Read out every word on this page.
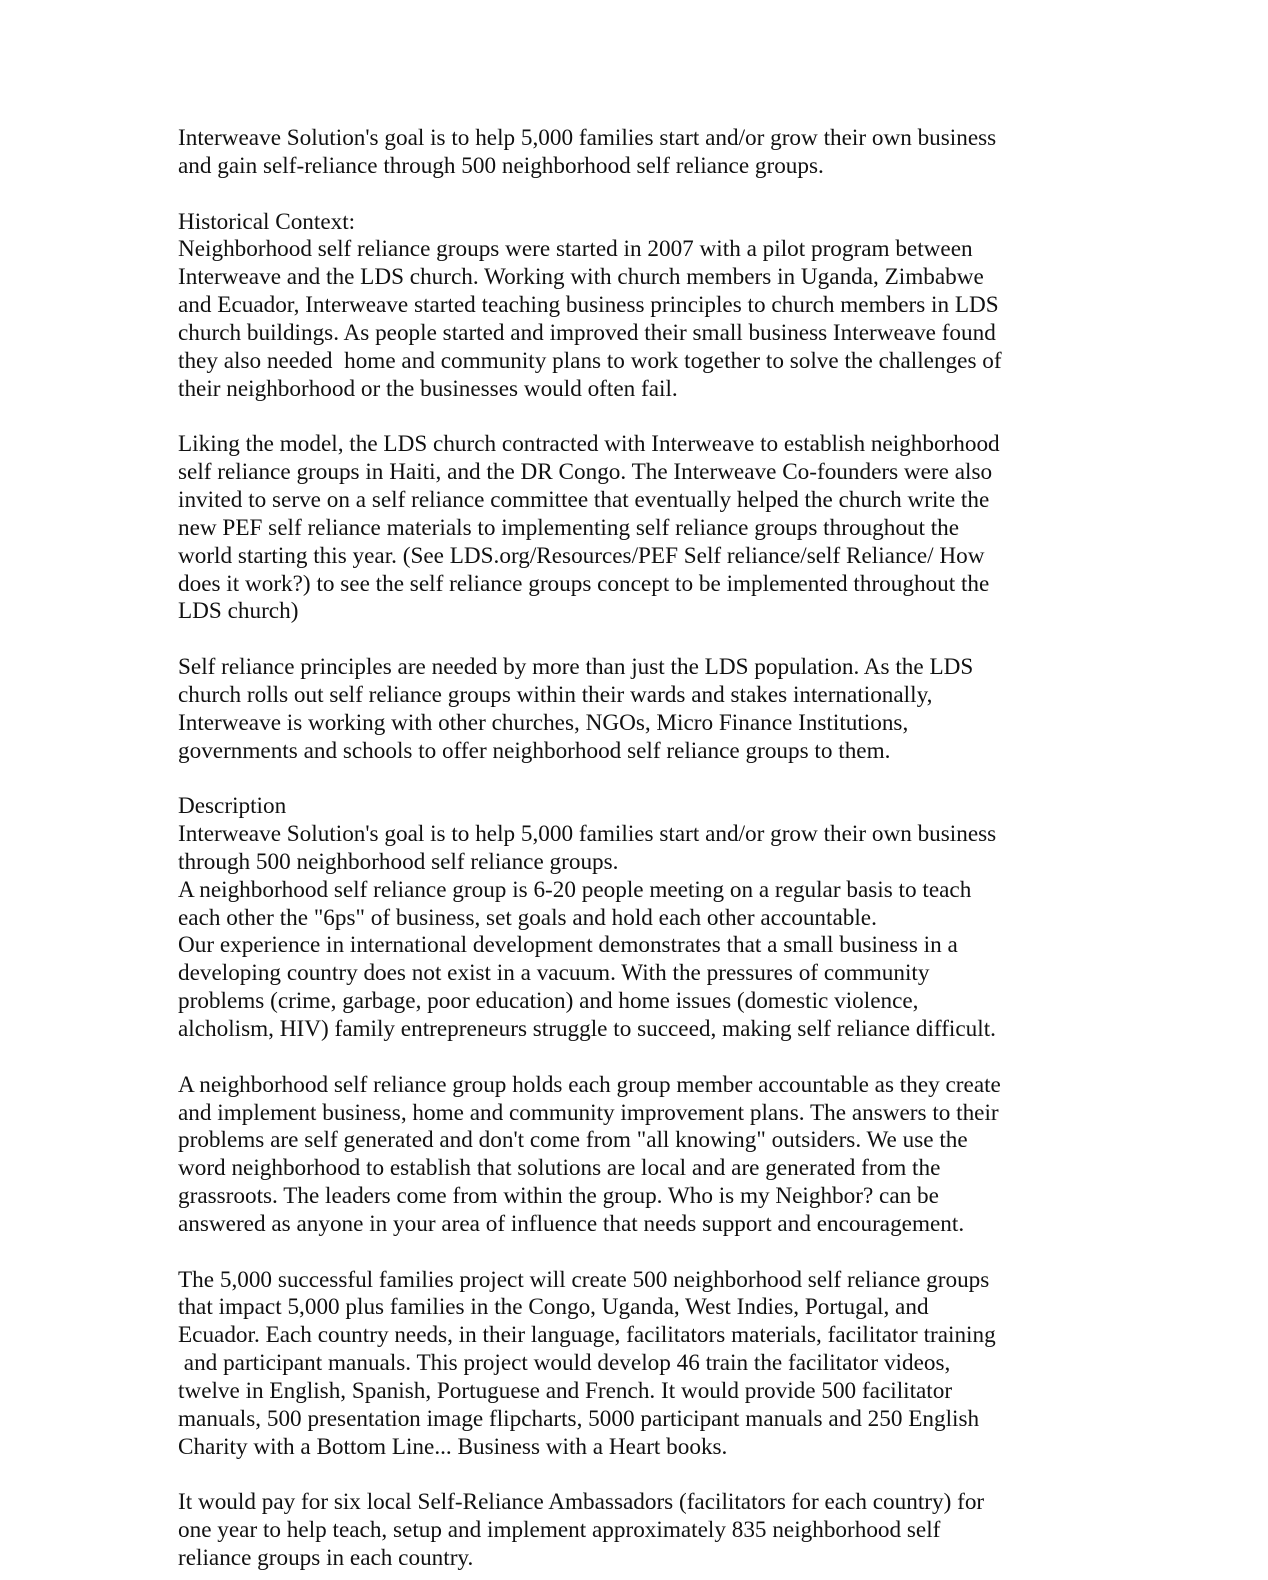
Interweave Solution's goal is to help 5,000 families start and/or grow their own business
and gain self-reliance through 500 neighborhood self reliance groups.
Historical Context:
Neighborhood self reliance groups were started in 2007 with a pilot program between
Interweave and the LDS church. Working with church members in Uganda, Zimbabwe
and Ecuador, Interweave started teaching business principles to church members in LDS
church buildings. As people started and improved their small business Interweave found
they also needed  home and community plans to work together to solve the challenges of
their neighborhood or the businesses would often fail.
Liking the model, the LDS church contracted with Interweave to establish neighborhood
self reliance groups in Haiti, and the DR Congo. The Interweave Co-founders were also
invited to serve on a self reliance committee that eventually helped the church write the
new PEF self reliance materials to implementing self reliance groups throughout the
world starting this year. (See LDS.org/Resources/PEF Self reliance/self Reliance/ How
does it work?) to see the self reliance groups concept to be implemented throughout the
LDS church)
Self reliance principles are needed by more than just the LDS population. As the LDS
church rolls out self reliance groups within their wards and stakes internationally,
Interweave is working with other churches, NGOs, Micro Finance Institutions,
governments and schools to offer neighborhood self reliance groups to them.
Description
Interweave Solution's goal is to help 5,000 families start and/or grow their own business
through 500 neighborhood self reliance groups.
A neighborhood self reliance group is 6-20 people meeting on a regular basis to teach
each other the "6ps" of business, set goals and hold each other accountable.
Our experience in international development demonstrates that a small business in a
developing country does not exist in a vacuum. With the pressures of community
problems (crime, garbage, poor education) and home issues (domestic violence,
alcholism, HIV) family entrepreneurs struggle to succeed, making self reliance difficult.
A neighborhood self reliance group holds each group member accountable as they create
and implement business, home and community improvement plans. The answers to their
problems are self generated and don't come from "all knowing" outsiders. We use the
word neighborhood to establish that solutions are local and are generated from the
grassroots. The leaders come from within the group. Who is my Neighbor? can be
answered as anyone in your area of influence that needs support and encouragement.
The 5,000 successful families project will create 500 neighborhood self reliance groups
that impact 5,000 plus families in the Congo, Uganda, West Indies, Portugal, and
Ecuador. Each country needs, in their language, facilitators materials, facilitator training
and participant manuals. This project would develop 46 train the facilitator videos,
twelve in English, Spanish, Portuguese and French. It would provide 500 facilitator
manuals, 500 presentation image flipcharts, 5000 participant manuals and 250 English
Charity with a Bottom Line... Business with a Heart books.
It would pay for six local Self-Reliance Ambassadors (facilitators for each country) for
one year to help teach, setup and implement approximately 835 neighborhood self
reliance groups in each country.
